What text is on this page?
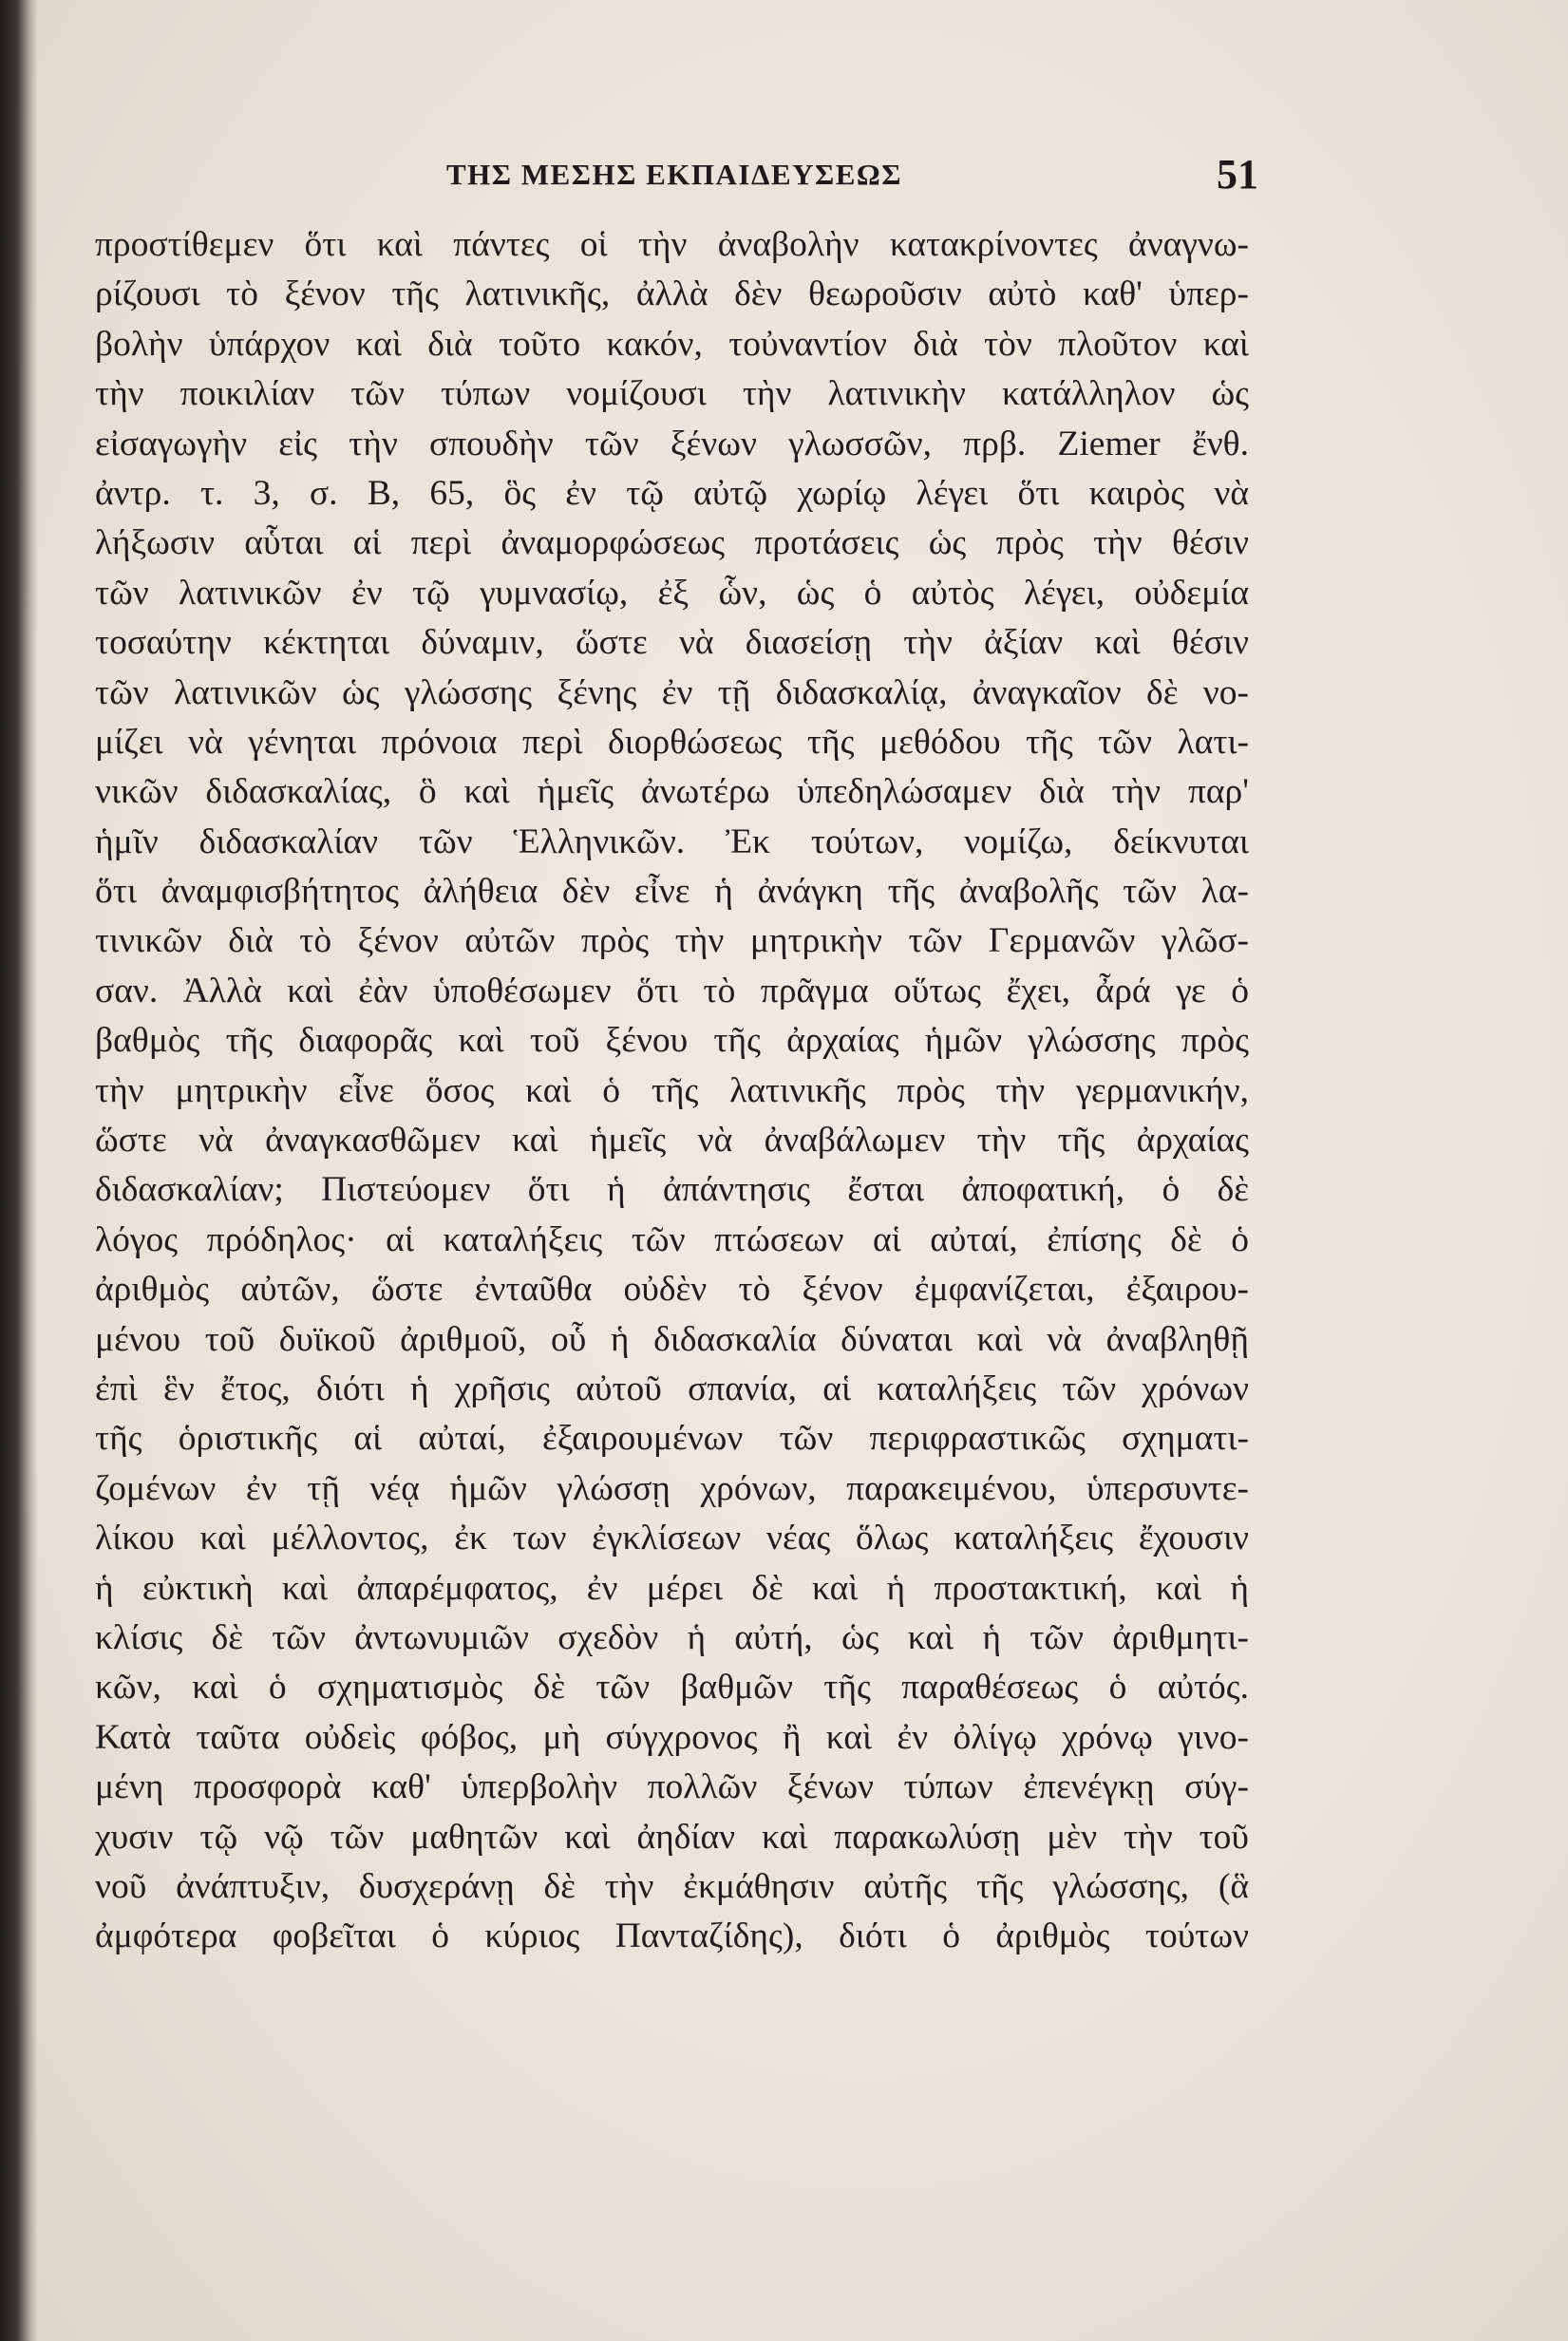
ΤΗΣ ΜΕΣΗΣ ΕΚΠΑΙΔΕΥΣΕΩΣ	51
προστίθεμεν ὅτι καὶ πάντες οἱ τὴν ἀναβολὴν κατακρίνοντες ἀναγνω-
ρίζουσι τὸ ξένον τῆς λατινικῆς, ἀλλὰ δὲν θεωροῦσιν αὐτὸ καθ' ὑπερ-
βολὴν ὑπάρχον καὶ διὰ τοῦτο κακόν, τοὐναντίον διὰ τὸν πλοῦτον καὶ
τὴν ποικιλίαν τῶν τύπων νομίζουσι τὴν λατινικὴν κατάλληλον ὡς
εἰσαγωγὴν εἰς τὴν σπουδὴν τῶν ξένων γλωσσῶν, πρβ. Ziemer ἔνθ.
ἀντρ. τ. 3, σ. B, 65, ὃς ἐν τῷ αὐτῷ χωρίῳ λέγει ὅτι καιρὸς νὰ
λήξωσιν αὗται αἱ περὶ ἀναμορφώσεως προτάσεις ὡς πρὸς τὴν θέσιν
τῶν λατινικῶν ἐν τῷ γυμνασίῳ, ἐξ ὧν, ὡς ὁ αὐτὸς λέγει, οὐδεμία
τοσαύτην κέκτηται δύναμιν, ὥστε νὰ διασείσῃ τὴν ἀξίαν καὶ θέσιν
τῶν λατινικῶν ὡς γλώσσης ξένης ἐν τῇ διδασκαλίᾳ, ἀναγκαῖον δὲ νο-
μίζει νὰ γένηται πρόνοια περὶ διορθώσεως τῆς μεθόδου τῆς τῶν λατι-
νικῶν διδασκαλίας, ὃ καὶ ἡμεῖς ἀνωτέρω ὑπεδηλώσαμεν διὰ τὴν παρ'
ἡμῖν διδασκαλίαν τῶν Ἑλληνικῶν. Ἐκ τούτων, νομίζω, δείκνυται
ὅτι ἀναμφισβήτητος ἀλήθεια δὲν εἶνε ἡ ἀνάγκη τῆς ἀναβολῆς τῶν λα-
τινικῶν διὰ τὸ ξένον αὐτῶν πρὸς τὴν μητρικὴν τῶν Γερμανῶν γλῶσ-
σαν. Ἀλλὰ καὶ ἐὰν ὑποθέσωμεν ὅτι τὸ πρᾶγμα οὕτως ἔχει, ἆρά γε ὁ
βαθμὸς τῆς διαφορᾶς καὶ τοῦ ξένου τῆς ἀρχαίας ἡμῶν γλώσσης πρὸς
τὴν μητρικὴν εἶνε ὅσος καὶ ὁ τῆς λατινικῆς πρὸς τὴν γερμανικήν,
ὥστε νὰ ἀναγκασθῶμεν καὶ ἡμεῖς νὰ ἀναβάλωμεν τὴν τῆς ἀρχαίας
διδασκαλίαν; Πιστεύομεν ὅτι ἡ ἀπάντησις ἔσται ἀποφατική, ὁ δὲ
λόγος πρόδηλος· αἱ καταλήξεις τῶν πτώσεων αἱ αὐταί, ἐπίσης δὲ ὁ
ἀριθμὸς αὐτῶν, ὥστε ἐνταῦθα οὐδὲν τὸ ξένον ἐμφανίζεται, ἐξαιρου-
μένου τοῦ δυϊκοῦ ἀριθμοῦ, οὗ ἡ διδασκαλία δύναται καὶ νὰ ἀναβληθῇ
ἐπὶ ἓν ἔτος, διότι ἡ χρῆσις αὐτοῦ σπανία, αἱ καταλήξεις τῶν χρόνων
τῆς ὁριστικῆς αἱ αὐταί, ἐξαιρουμένων τῶν περιφραστικῶς σχηματι-
ζομένων ἐν τῇ νέᾳ ἡμῶν γλώσσῃ χρόνων, παρακειμένου, ὑπερσυντε-
λίκου καὶ μέλλοντος, ἐκ των ἐγκλίσεων νέας ὅλως καταλήξεις ἔχουσιν
ἡ εὐκτικὴ καὶ ἀπαρέμφατος, ἐν μέρει δὲ καὶ ἡ προστακτική, καὶ ἡ
κλίσις δὲ τῶν ἀντωνυμιῶν σχεδὸν ἡ αὐτή, ὡς καὶ ἡ τῶν ἀριθμητι-
κῶν, καὶ ὁ σχηματισμὸς δὲ τῶν βαθμῶν τῆς παραθέσεως ὁ αὐτός.
Κατὰ ταῦτα οὐδεὶς φόβος, μὴ σύγχρονος ἢ καὶ ἐν ὀλίγῳ χρόνῳ γινο-
μένη προσφορὰ καθ' ὑπερβολὴν πολλῶν ξένων τύπων ἐπενέγκῃ σύγ-
χυσιν τῷ νῷ τῶν μαθητῶν καὶ ἀηδίαν καὶ παρακωλύσῃ μὲν τὴν τοῦ
νοῦ ἀνάπτυξιν, δυσχεράνῃ δὲ τὴν ἐκμάθησιν αὐτῆς τῆς γλώσσης, (ἃ
ἀμφότερα φοβεῖται ὁ κύριος Πανταζίδης), διότι ὁ ἀριθμὸς τούτων
